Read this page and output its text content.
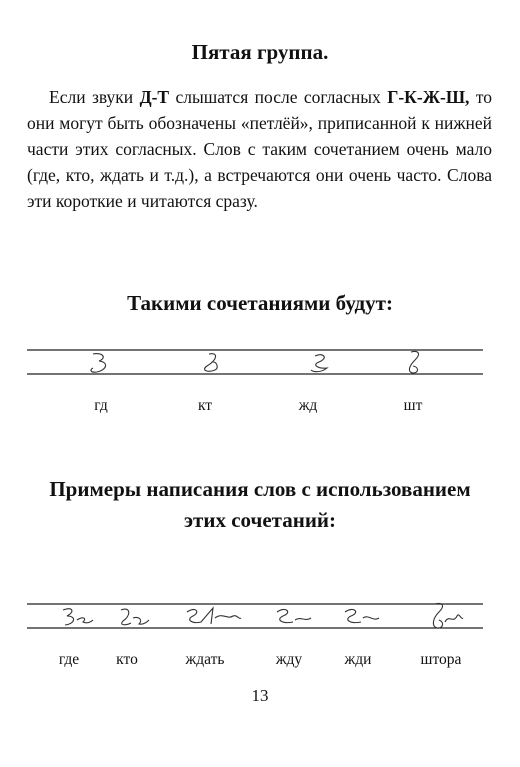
Пятая группа.

Если звуки Д-Т слышатся после согласных Г-К-Ж-Ш, то они могут быть обозначены «петлёй», приписанной к нижней части этих согласных. Слов с таким сочетанием очень мало (где, кто, ждать и т.д.), а встречаются они очень часто. Слова эти короткие и читаются сразу.

Такими сочетаниями будут:
гд	кт	жд	шт
Примеры написания слов с использованием
этих сочетаний:
где кто	ждать	жду	жди	штора
13
